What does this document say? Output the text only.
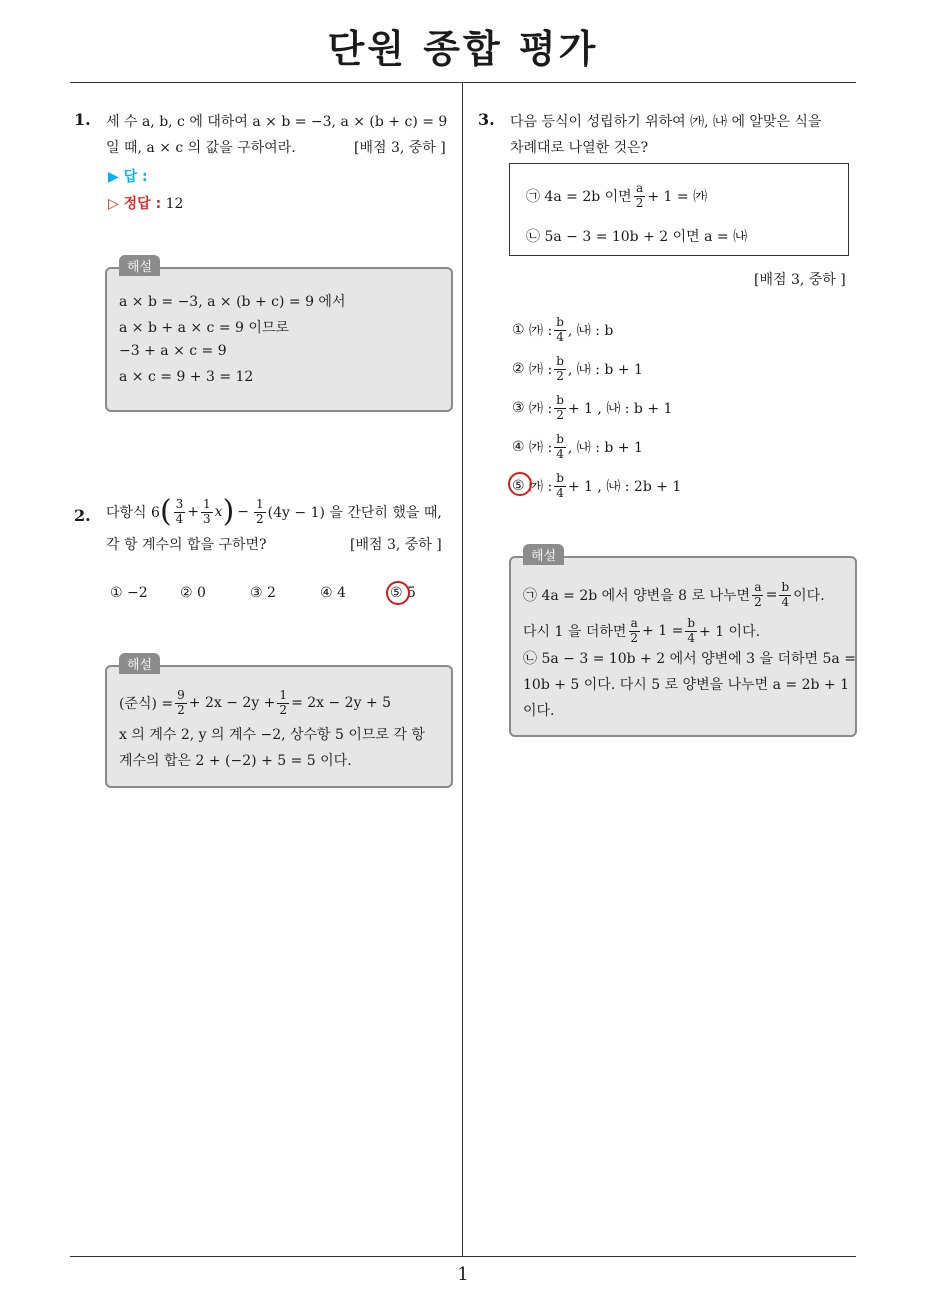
단원 종합 평가
1
1. 세 수 a, b, c 에 대하여 a × b = −3, a × (b + c) = 9
일 때, a × c 의 값을 구하여라.	[배점 3, 중하 ]
▶ 답 :
▷ 정답 : 12
해설
a × b = −3, a × (b + c) = 9 에서
a × b + a × c = 9 이므로
−3 + a × c = 9
a × c = 9 + 3 = 12
2. 다항식 6 ( $\frac{3}{4} + \frac{1}{3}$ x ) − $\frac{1}{2} (4y - 1)$ 을 간단히 했을 때,
각 항 계수의 합을 구하면?	[배점 3, 중하 ]
① −2 ② 0	③ 2	④ 4	⑤ 5
해설
(준식) = $\frac{9}{2} + 2x - 2y + \frac{1}{2} = 2x - 2y + 5$
x 의 계수 2, y 의 계수 −2, 상수항 5 이므로 각 항
계수의 합은 2 + (−2) + 5 = 5 이다.
3. 다음 등식이 성립하기 위하여 ㈎, ㈏ 에 알맞은 식을
차례대로 나열한 것은?
㉠ 4a = 2b 이면 $\frac{a}{2} + 1$ = ㈎
㉡ 5a − 3 = 10b + 2 이면 a = ㈏
[배점 3, 중하 ]
①
㈎ : $\frac{b}{4}$ , ㈏ : b
②
㈎ : $\frac{b}{2}$ , ㈏ : b + 1
③
㈎ : $\frac{b}{2} + 1$ , ㈏ : b + 1
④
㈎ : $\frac{b}{4}$ , ㈏ : b + 1
⑤
㈎ : $\frac{b}{4} + 1$ , ㈏ : 2b + 1
해설
㉠ 4a = 2b 에서 양변을 8 로 나누면 $\frac{a}{2} = \frac{b}{4}$ 이다.
다시 1 을 더하면 $\frac{a}{2} + 1 = \frac{b}{4} + 1$ 이다.
㉡ 5a − 3 = 10b + 2 에서 양변에 3 을 더하면 5a =
10b + 5 이다. 다시 5 로 양변을 나누면 a = 2b + 1
이다.
